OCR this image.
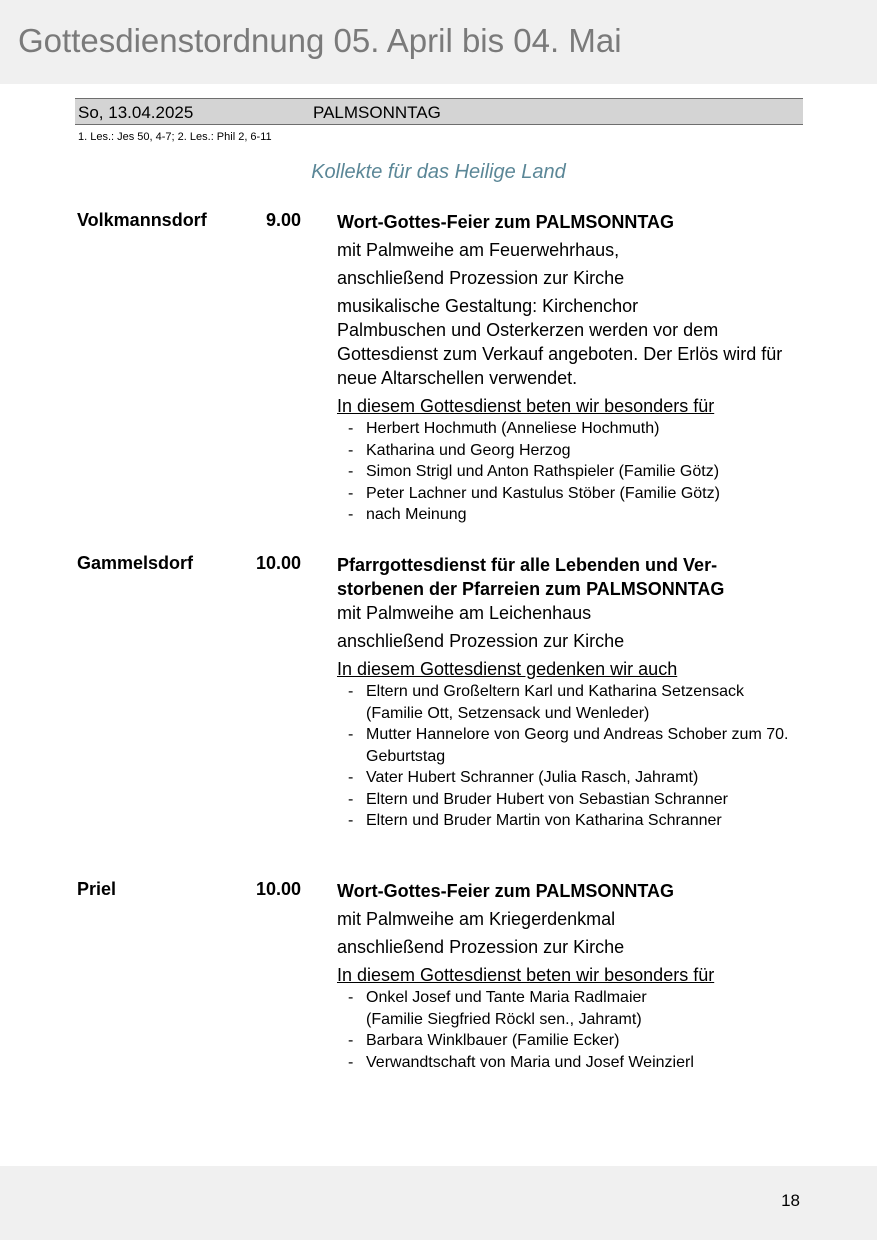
Gottesdienstordnung 05. April bis 04. Mai
So, 13.04.2025	PALMSONNTAG
1. Les.: Jes 50, 4-7; 2. Les.: Phil 2, 6-11
Kollekte für das Heilige Land
Volkmannsdorf	9.00 Wort-Gottes-Feier zum PALMSONNTAG

mit Palmweihe am Feuerwehrhaus,

anschließend Prozession zur Kirche

musikalische Gestaltung: Kirchenchor

Palmbuschen und Osterkerzen werden vor dem Gottesdienst zum Verkauf angeboten. Der Erlös wird für neue Altarschellen verwendet.

In diesem Gottesdienst beten wir besonders für

- Herbert Hochmuth (Anneliese Hochmuth)
- Katharina und Georg Herzog
- Simon Strigl und Anton Rathspieler (Familie Götz)
- Peter Lachner und Kastulus Stöber (Familie Götz)
- nach Meinung
Gammelsdorf	10.00 Pfarrgottesdienst für alle Lebenden und Ver-
storbenen der Pfarreien zum PALMSONNTAG

mit Palmweihe am Leichenhaus

anschließend Prozession zur Kirche

In diesem Gottesdienst gedenken wir auch

- Eltern und Großeltern Karl und Katharina Setzensack
(Familie Ott, Setzensack und Wenleder)
- Mutter Hannelore von Georg und Andreas Schober zum 70. Geburtstag
- Vater Hubert Schranner (Julia Rasch, Jahramt)
- Eltern und Bruder Hubert von Sebastian Schranner
- Eltern und Bruder Martin von Katharina Schranner
Priel	10.00 Wort-Gottes-Feier zum PALMSONNTAG

mit Palmweihe am Kriegerdenkmal

anschließend Prozession zur Kirche

In diesem Gottesdienst beten wir besonders für

- Onkel Josef und Tante Maria Radlmaier
(Familie Siegfried Röckl sen., Jahramt)
- Barbara Winklbauer (Familie Ecker)
- Verwandtschaft von Maria und Josef Weinzierl
18
